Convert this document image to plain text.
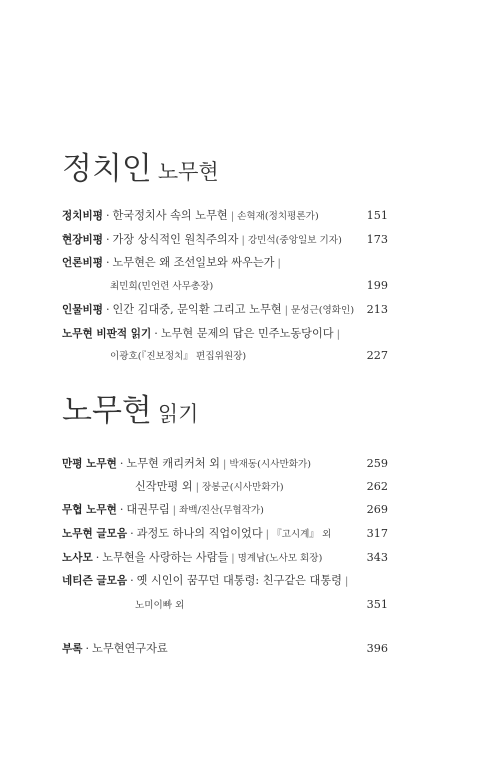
정치인 노무현
정치비평 · 한국정치사 속의 노무현 | 손혁재(정치평론가)	151
현장비평 · 가장 상식적인 원칙주의자 | 강민석(중앙일보 기자) 173
언론비평 · 노무현은 왜 조선일보와 싸우는가 |
최민희(민언련 사무총장)	199
인물비평 · 인간 김대중, 문익환 그리고 노무현 | 문성근(영화인) 213
노무현 비판적 읽기 · 노무현 문제의 답은 민주노동당이다 |
이광호(『진보정치』 편집위원장)	227
노무현 읽기
만평 노무현 · 노무현 캐리커처 외 | 박재동(시사만화가)	259
신작만평 외 | 장봉군(시사만화가)	262
무협 노무현 · 대권무림 | 좌백/진산(무협작가)	269
노무현 글모음 · 과정도 하나의 직업이었다 | 『고시계』 외	317
노사모 · 노무현을 사랑하는 사람들 | 명계남(노사모 회장)	343
네티즌 글모음 · 옛 시인이 꿈꾸던 대통령: 친구같은 대통령 |
노미이빠 외	351
부록 · 노무현연구자료	396
